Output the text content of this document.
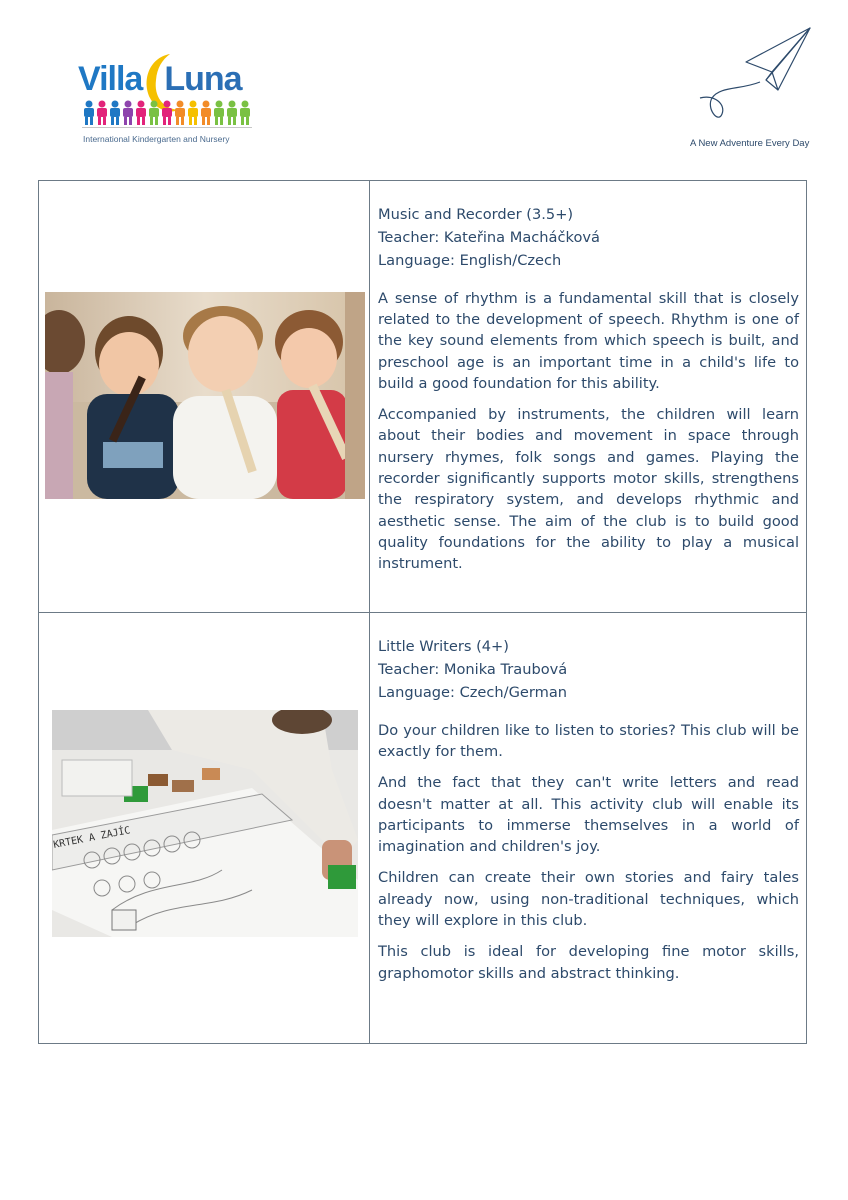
Villa Luna
International Kindergarten and Nursery	A New Adventure Every Day
Music and Recorder (3.5+)
Teacher: Kateřina Macháčková
Language: English/Czech

A sense of rhythm is a fundamental skill that is closely related to the development of speech. Rhythm is one of the key sound elements from which speech is built, and preschool age is an important time in a child's life to build a good foundation for this ability.

Accompanied by instruments, the children will learn about their bodies and movement in space through nursery rhymes, folk songs and games. Playing the recorder significantly supports motor skills, strengthens the respiratory system, and develops rhythmic and aesthetic sense. The aim of the club is to build good quality foundations for the ability to play a musical instrument.

KRTEK A ZAJÍC
Little Writers (4+)
Teacher: Monika Traubová
Language: Czech/German

Do your children like to listen to stories? This club will be exactly for them.

And the fact that they can't write letters and read doesn't matter at all. This activity club will enable its participants to immerse themselves in a world of imagination and children's joy.

Children can create their own stories and fairy tales already now, using non-traditional techniques, which they will explore in this club.

This club is ideal for developing fine motor skills, graphomotor skills and abstract thinking.
